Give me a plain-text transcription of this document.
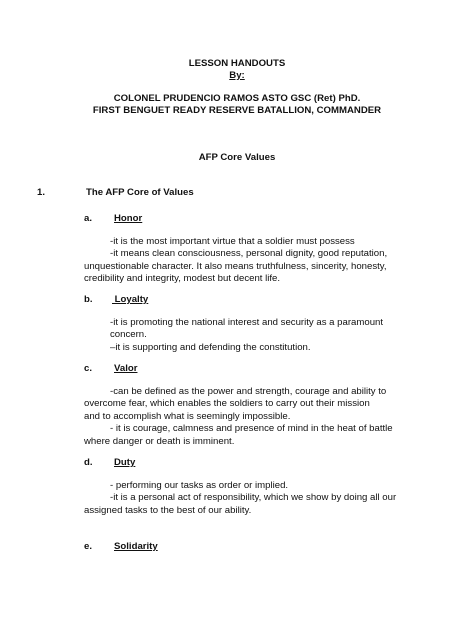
LESSON HANDOUTS
By:
COLONEL PRUDENCIO RAMOS ASTO GSC (Ret) PhD.
FIRST BENGUET READY RESERVE BATALLION, COMMANDER
AFP Core Values
1.	The AFP Core of Values
a. Honor
-it is the most important virtue that a soldier must possess
-it means clean consciousness, personal dignity, good reputation,
unquestionable character. It also means truthfulness, sincerity, honesty,
credibility and integrity, modest but decent life.
b. Loyalty
-it is promoting the national interest and security as a paramount
concern.
–it is supporting and defending the constitution.
c. Valor
-can be defined as the power and strength, courage and ability to
overcome fear, which enables the soldiers to carry out their mission
and to accomplish what is seemingly impossible.
- it is courage, calmness and presence of mind in the heat of battle
where danger or death is imminent.
d. Duty
- performing our tasks as order or implied.
-it is a personal act of responsibility, which we show by doing all our
assigned tasks to the best of our ability.
e. Solidarity
